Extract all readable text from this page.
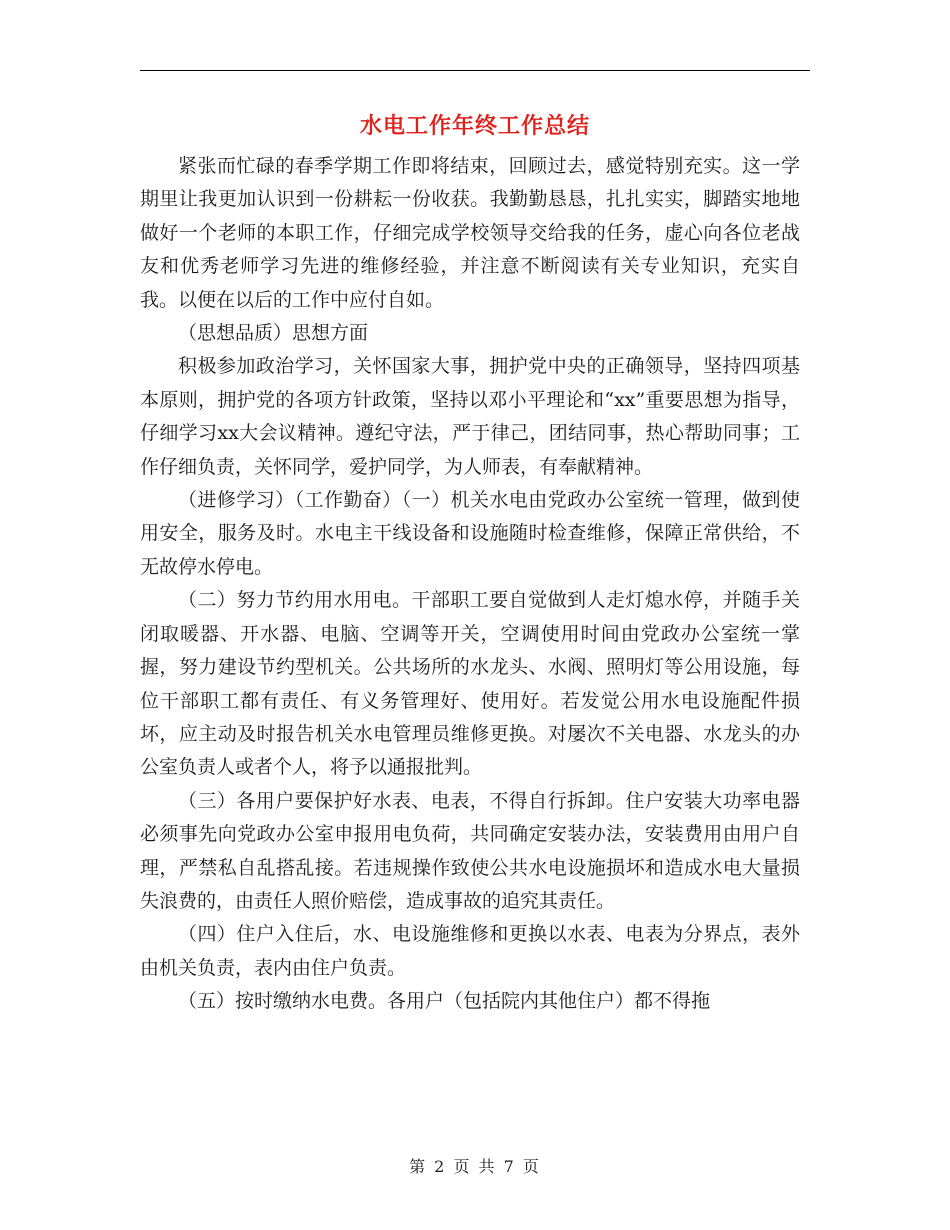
水电工作年终工作总结

紧张而忙碌的春季学期工作即将结束，回顾过去，感觉特别充实。这一学期里让我更加认识到一份耕耘一份收获。我勤勤恳恳，扎扎实实，脚踏实地地做好一个老师的本职工作，仔细完成学校领导交给我的任务，虚心向各位老战友和优秀老师学习先进的维修经验，并注意不断阅读有关专业知识，充实自我。以便在以后的工作中应付自如。

（思想品质）思想方面

积极参加政治学习，关怀国家大事，拥护党中央的正确领导，坚持四项基本原则，拥护党的各项方针政策，坚持以邓小平理论和“xx”重要思想为指导，仔细学习xx大会议精神。遵纪守法，严于律己，团结同事，热心帮助同事；工作仔细负责，关怀同学，爱护同学，为人师表，有奉献精神。

（进修学习）（工作勤奋）（一）机关水电由党政办公室统一管理，做到使用安全，服务及时。水电主干线设备和设施随时检查维修，保障正常供给，不无故停水停电。

（二）努力节约用水用电。干部职工要自觉做到人走灯熄水停，并随手关闭取暖器、开水器、电脑、空调等开关，空调使用时间由党政办公室统一掌握，努力建设节约型机关。公共场所的水龙头、水阀、照明灯等公用设施，每位干部职工都有责任、有义务管理好、使用好。若发觉公用水电设施配件损坏，应主动及时报告机关水电管理员维修更换。对屡次不关电器、水龙头的办公室负责人或者个人，将予以通报批判。

（三）各用户要保护好水表、电表，不得自行拆卸。住户安装大功率电器必须事先向党政办公室申报用电负荷，共同确定安装办法，安装费用由用户自理，严禁私自乱搭乱接。若违规操作致使公共水电设施损坏和造成水电大量损失浪费的，由责任人照价赔偿，造成事故的追究其责任。

（四）住户入住后，水、电设施维修和更换以水表、电表为分界点，表外由机关负责，表内由住户负责。

（五）按时缴纳水电费。各用户（包括院内其他住户）都不得拖

第 2 页 共 7 页
